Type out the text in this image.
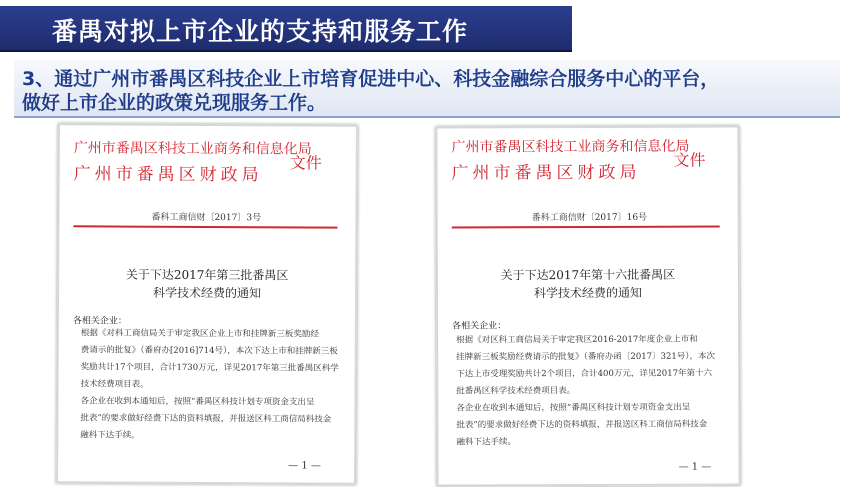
番禺对拟上市企业的支持和服务工作
3、通过广州市番禺区科技企业上市培育促进中心、科技金融综合服务中心的平台，
做好上市企业的政策兑现服务工作。
广州市番禺区科技工业商务和信息化局
广州市番禺区财政局
文件
番科工商信财〔2017〕3号
关于下达2017年第三批番禺区
科学技术经费的通知
各相关企业：

根据《对科工商信局关于审定我区企业上市和挂牌新三板奖励经

费请示的批复》（番府办[2016]714号），本次下达上市和挂牌新三板

奖励共计17个项目，合计1730万元，详见2017年第三批番禺区科学

技术经费项目表。

各企业在收到本通知后，按照“番禺区科技计划专项资金支出呈

批表”的要求做好经费下达的资料填报，并报送区科工商信局科技金

融科下达手续。

— 1 —
广州市番禺区科技工业商务和信息化局
广州市番禺区财政局
文件
番科工商信财〔2017〕16号
关于下达2017年第十六批番禺区
科学技术经费的通知
各相关企业：

根据《对区科工商信局关于审定我区2016-2017年度企业上市和

挂牌新三板奖励经费请示的批复》（番府办函〔2017〕321号），本次

下达上市受理奖励共计2个项目，合计400万元，详见2017年第十六

批番禺区科学技术经费项目表。

各企业在收到本通知后，按照“番禺区科技计划专项资金支出呈

批表”的要求做好经费下达的资料填报，并报送区科工商信局科技金

融科下达手续。

— 1 —
